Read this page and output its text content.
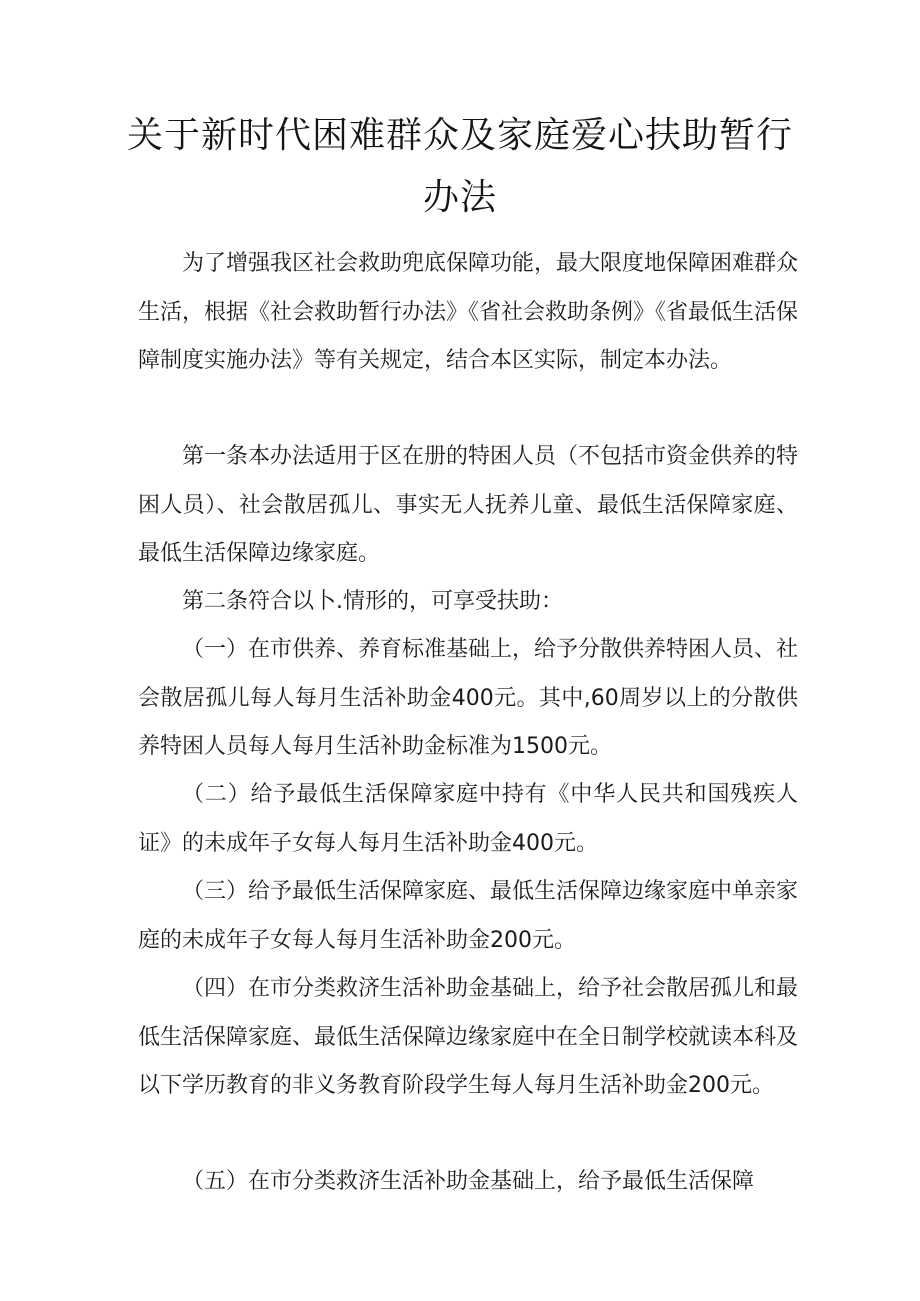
关于新时代困难群众及家庭爱心扶助暂行
办法

为了增强我区社会救助兜底保障功能，最大限度地保障困难群众生活，根据《社会救助暂行办法》《省社会救助条例》《省最低生活保障制度实施办法》等有关规定，结合本区实际，制定本办法。

第一条本办法适用于区在册的特困人员（不包括市资金供养的特困人员）、社会散居孤儿、事实无人抚养儿童、最低生活保障家庭、最低生活保障边缘家庭。

第二条符合以卜.情形的，可享受扶助：

（一）在市供养、养育标准基础上，给予分散供养特困人员、社会散居孤儿每人每月生活补助金400元。其中,60周岁以上的分散供养特困人员每人每月生活补助金标准为1500元。

（二）给予最低生活保障家庭中持有《中华人民共和国残疾人证》的未成年子女每人每月生活补助金400元。

（三）给予最低生活保障家庭、最低生活保障边缘家庭中单亲家庭的未成年子女每人每月生活补助金200元。

（四）在市分类救济生活补助金基础上，给予社会散居孤儿和最低生活保障家庭、最低生活保障边缘家庭中在全日制学校就读本科及以下学历教育的非义务教育阶段学生每人每月生活补助金200元。

（五）在市分类救济生活补助金基础上，给予最低生活保障
